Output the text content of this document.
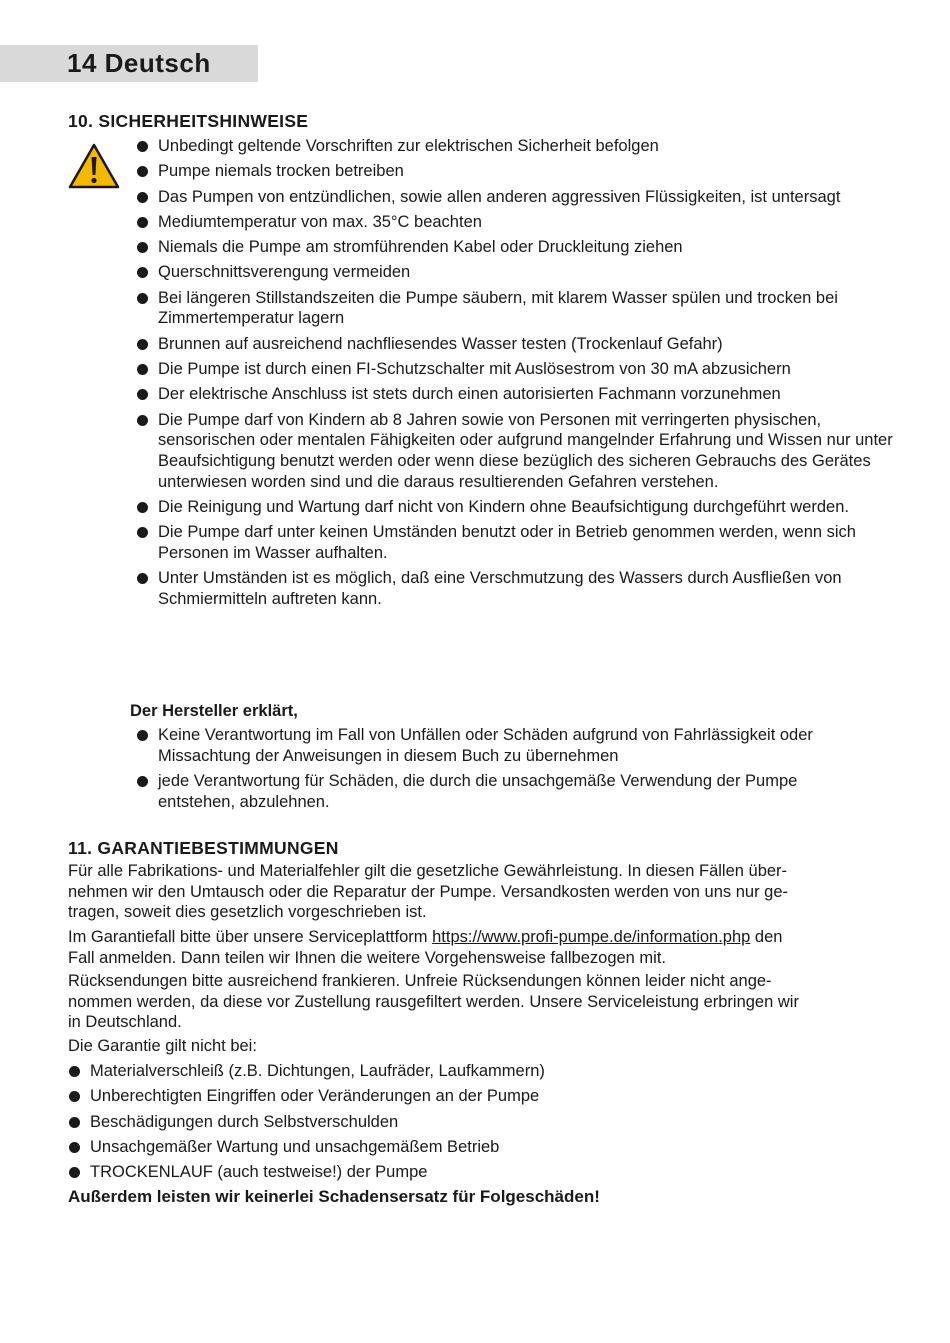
14 Deutsch
10. SICHERHEITSHINWEISE
Unbedingt geltende Vorschriften zur elektrischen Sicherheit befolgen
Pumpe niemals trocken betreiben
Das Pumpen von entzündlichen, sowie allen anderen aggressiven Flüssigkeiten, ist untersagt
Mediumtemperatur von max. 35°C beachten
Niemals die Pumpe am stromführenden Kabel oder Druckleitung ziehen
Querschnittsverengung vermeiden
Bei längeren Stillstandszeiten die Pumpe säubern, mit klarem Wasser spülen und trocken bei Zimmertemperatur lagern
Brunnen auf ausreichend nachfliesendes Wasser testen (Trockenlauf Gefahr)
Die Pumpe ist durch einen FI-Schutzschalter mit Auslösestrom von 30 mA abzusichern
Der elektrische Anschluss ist stets durch einen autorisierten Fachmann vorzunehmen
Die Pumpe darf von Kindern ab 8 Jahren sowie von Personen mit verringerten physischen, sensorischen oder mentalen Fähigkeiten oder aufgrund mangelnder Erfahrung und Wissen nur unter Beaufsichtigung benutzt werden oder wenn diese bezüglich des sicheren Gebrauchs des Gerätes unterwiesen worden sind und die daraus resultierenden Gefahren verstehen.
Die Reinigung und Wartung darf nicht von Kindern ohne Beaufsichtigung durchgeführt werden.
Die Pumpe darf unter keinen Umständen benutzt oder in Betrieb genommen werden, wenn sich Personen im Wasser aufhalten.
Unter Umständen ist es möglich, daß eine Verschmutzung des Wassers durch Ausfließen von Schmiermitteln auftreten kann.
Der Hersteller erklärt,
Keine Verantwortung im Fall von Unfällen oder Schäden aufgrund von Fahrlässigkeit oder Missachtung der Anweisungen in diesem Buch zu übernehmen
jede Verantwortung für Schäden, die durch die unsachgemäße Verwendung der Pumpe entstehen, abzulehnen.
11. GARANTIEBESTIMMUNGEN

Für alle Fabrikations- und Materialfehler gilt die gesetzliche Gewährleistung. In diesen Fällen über-
nehmen wir den Umtausch oder die Reparatur der Pumpe. Versandkosten werden von uns nur ge-
tragen, soweit dies gesetzlich vorgeschrieben ist.

Im Garantiefall bitte über unsere Serviceplattform https://www.profi-pumpe.de/information.php den
Fall anmelden. Dann teilen wir Ihnen die weitere Vorgehensweise fallbezogen mit.

Rücksendungen bitte ausreichend frankieren. Unfreie Rücksendungen können leider nicht ange-
nommen werden, da diese vor Zustellung rausgefiltert werden. Unsere Serviceleistung erbringen wir
in Deutschland.

Die Garantie gilt nicht bei:

Materialverschleiß (z.B. Dichtungen, Laufräder, Laufkammern)
Unberechtigten Eingriffen oder Veränderungen an der Pumpe
Beschädigungen durch Selbstverschulden
Unsachgemäßer Wartung und unsachgemäßem Betrieb
TROCKENLAUF (auch testweise!) der Pumpe
Außerdem leisten wir keinerlei Schadensersatz für Folgeschäden!
